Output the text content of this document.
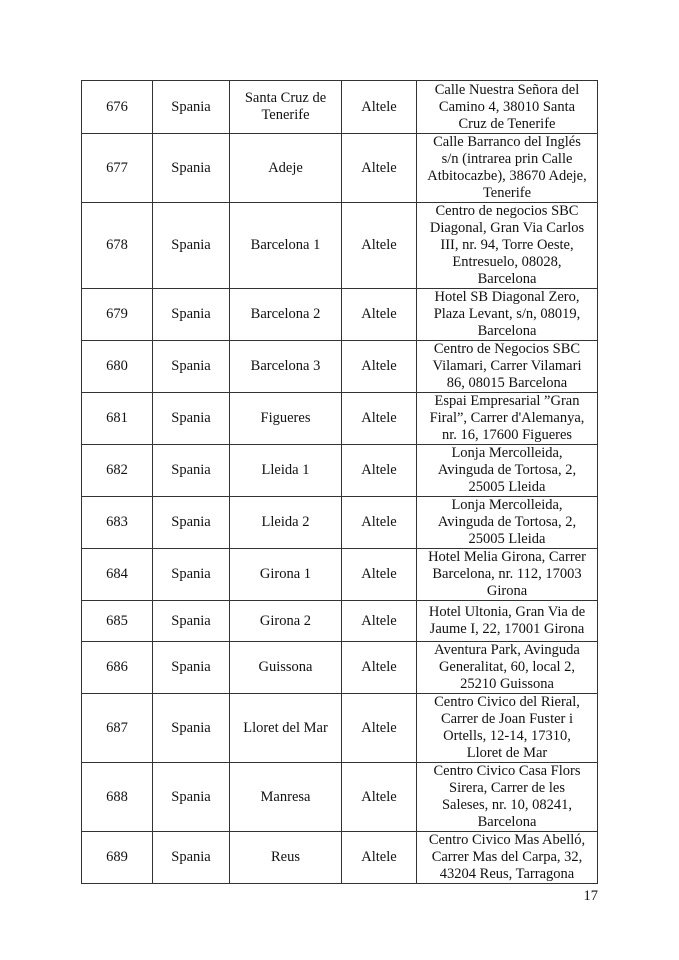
676	Spania	Santa Cruz de
Tenerife	Altele	Calle Nuestra Señora del
Camino 4, 38010 Santa
Cruz de Tenerife
677	Spania	Adeje	Altele	Calle Barranco del Inglés
s/n (intrarea prin Calle
Atbitocazbe), 38670 Adeje,
Tenerife
678	Spania	Barcelona 1	Altele	Centro de negocios SBC
Diagonal, Gran Via Carlos
III, nr. 94, Torre Oeste,
Entresuelo, 08028,
Barcelona
679	Spania	Barcelona 2	Altele	Hotel SB Diagonal Zero,
Plaza Levant, s/n, 08019,
Barcelona
680	Spania	Barcelona 3	Altele	Centro de Negocios SBC
Vilamari, Carrer Vilamari
86, 08015 Barcelona
681	Spania	Figueres	Altele	Espai Empresarial ”Gran
Firal”, Carrer d'Alemanya,
nr. 16, 17600 Figueres
682	Spania	Lleida 1	Altele	Lonja Mercolleida,
Avinguda de Tortosa, 2,
25005 Lleida
683	Spania	Lleida 2	Altele	Lonja Mercolleida,
Avinguda de Tortosa, 2,
25005 Lleida
684	Spania	Girona 1	Altele	Hotel Melia Girona, Carrer
Barcelona, nr. 112, 17003
Girona
685	Spania	Girona 2	Altele	Hotel Ultonia, Gran Via de
Jaume I, 22, 17001 Girona
686	Spania	Guissona	Altele	Aventura Park, Avinguda
Generalitat, 60, local 2,
25210 Guissona
687	Spania	Lloret del Mar	Altele	Centro Civico del Rieral,
Carrer de Joan Fuster i
Ortells, 12-14, 17310,
Lloret de Mar
688	Spania	Manresa	Altele	Centro Civico Casa Flors
Sirera, Carrer de les
Saleses, nr. 10, 08241,
Barcelona
689	Spania	Reus	Altele	Centro Civico Mas Abelló,
Carrer Mas del Carpa, 32,
43204 Reus, Tarragona
17
